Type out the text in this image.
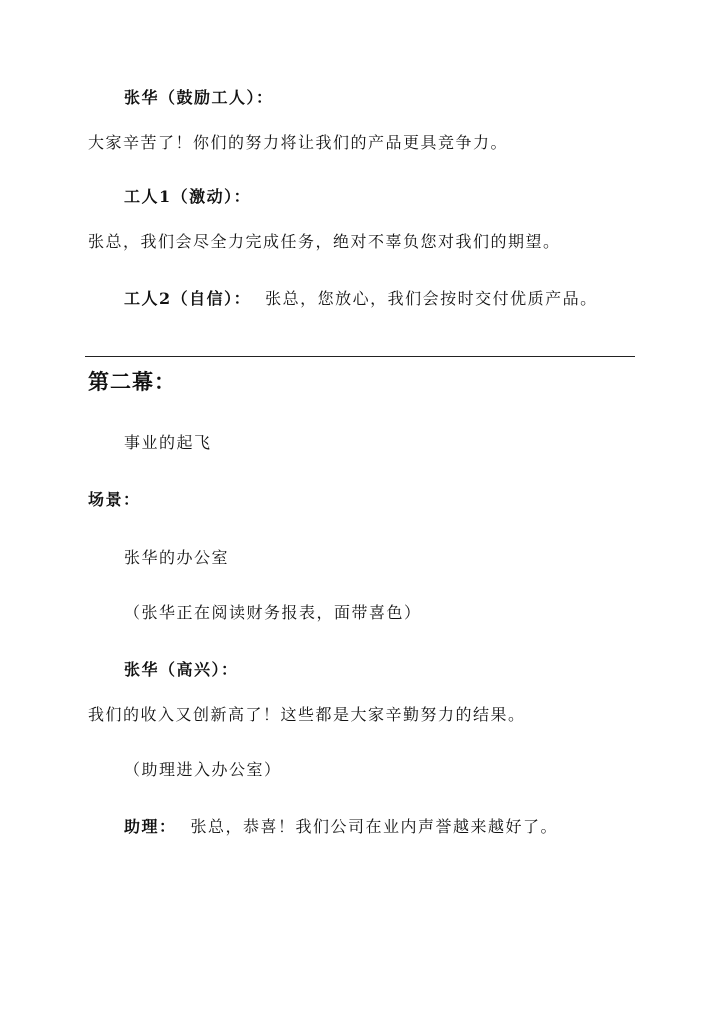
张华（鼓励工人）：
大家辛苦了！你们的努力将让我们的产品更具竞争力。
工人1（激动）：
张总，我们会尽全力完成任务，绝对不辜负您对我们的期望。
工人2（自信）： 张总，您放心，我们会按时交付优质产品。
第二幕：
事业的起飞
场景：
张华的办公室
（张华正在阅读财务报表，面带喜色）
张华（高兴）：
我们的收入又创新高了！这些都是大家辛勤努力的结果。
（助理进入办公室）
助理： 张总，恭喜！我们公司在业内声誉越来越好了。
